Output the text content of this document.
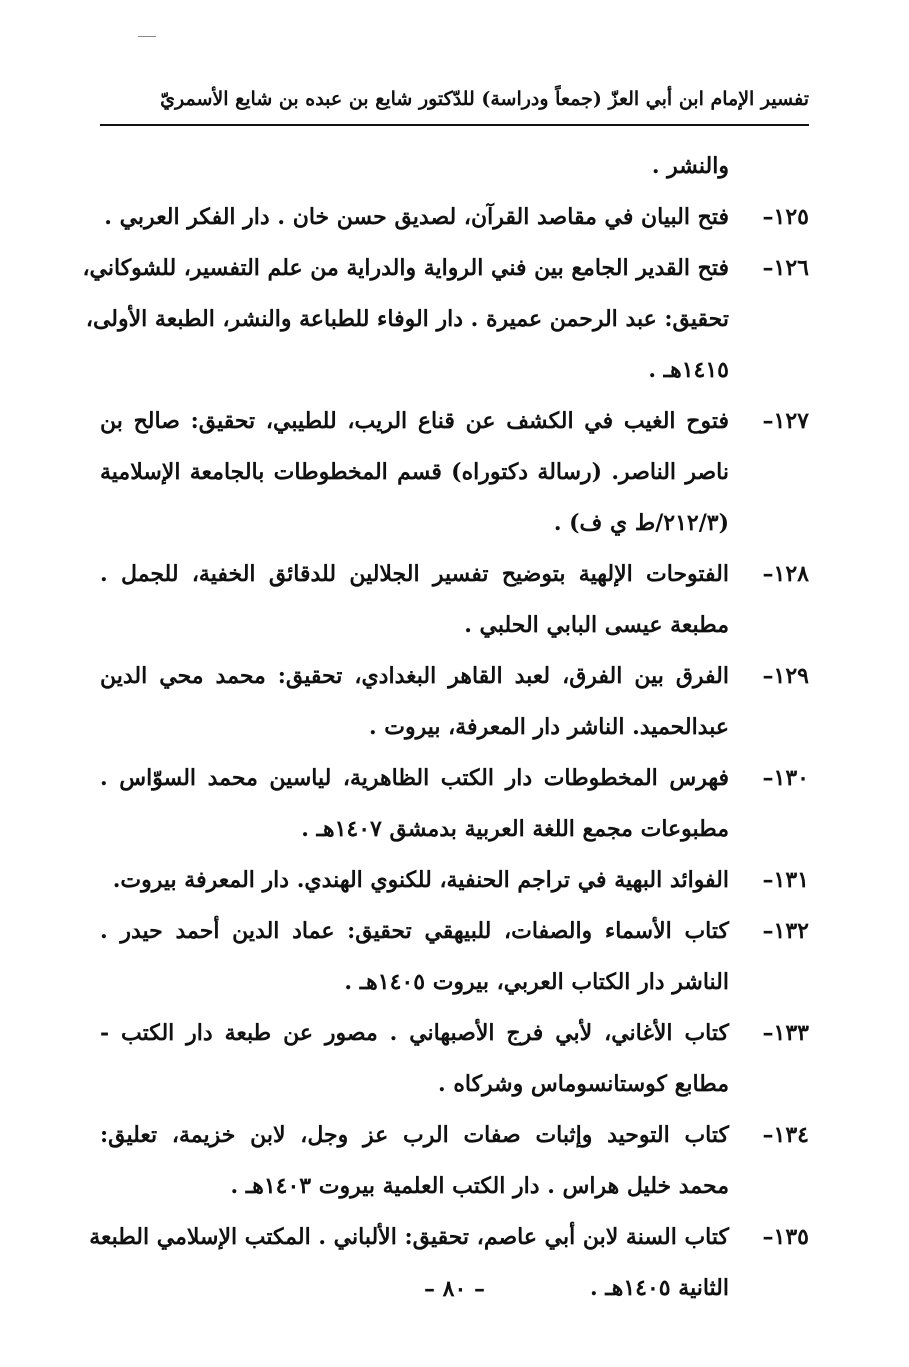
تفسير الإمام ابن أبي العزّ (جمعاً ودراسة) للدّكتور شايع بن عبده بن شايع الأسمريّ
والنشر .
١٢٥–
فتح البيان في مقاصد القرآن، لصديق حسن خان . دار الفكر العربي .
١٢٦–
فتح القدير الجامع بين فني الرواية والدراية من علم التفسير، للشوكاني،
تحقيق: عبد الرحمن عميرة . دار الوفاء للطباعة والنشر، الطبعة الأولى،
١٤١٥هـ .
١٢٧–
فتوح الغيب في الكشف عن قناع الريب، للطيبي، تحقيق: صالح بن
ناصر الناصر. (رسالة دكتوراه) قسم المخطوطات بالجامعة الإسلامية
(٢١٢/٣/ط ي ف) .
١٢٨–
الفتوحات الإلهية بتوضيح تفسير الجلالين للدقائق الخفية، للجمل .
مطبعة عيسى البابي الحلبي .
١٢٩–
الفرق بين الفرق، لعبد القاهر البغدادي، تحقيق: محمد محي الدين
عبدالحميد. الناشر دار المعرفة، بيروت .
١٣٠–
فهرس المخطوطات دار الكتب الظاهرية، لياسين محمد السوّاس .
مطبوعات مجمع اللغة العربية بدمشق ١٤٠٧هـ .
١٣١–
الفوائد البهية في تراجم الحنفية، للكنوي الهندي. دار المعرفة بيروت.
١٣٢–
كتاب الأسماء والصفات، للبيهقي تحقيق: عماد الدين أحمد حيدر .
الناشر دار الكتاب العربي، بيروت ١٤٠٥هـ .
١٣٣–
كتاب الأغاني، لأبي فرج الأصبهاني . مصور عن طبعة دار الكتب -
مطابع كوستانسوماس وشركاه .
١٣٤–
كتاب التوحيد وإثبات صفات الرب عز وجل، لابن خزيمة، تعليق:
محمد خليل هراس . دار الكتب العلمية بيروت ١٤٠٣هـ .
١٣٥–
كتاب السنة لابن أبي عاصم، تحقيق: الألباني . المكتب الإسلامي الطبعة
الثانية ١٤٠٥هـ .
– ٨٠ –
